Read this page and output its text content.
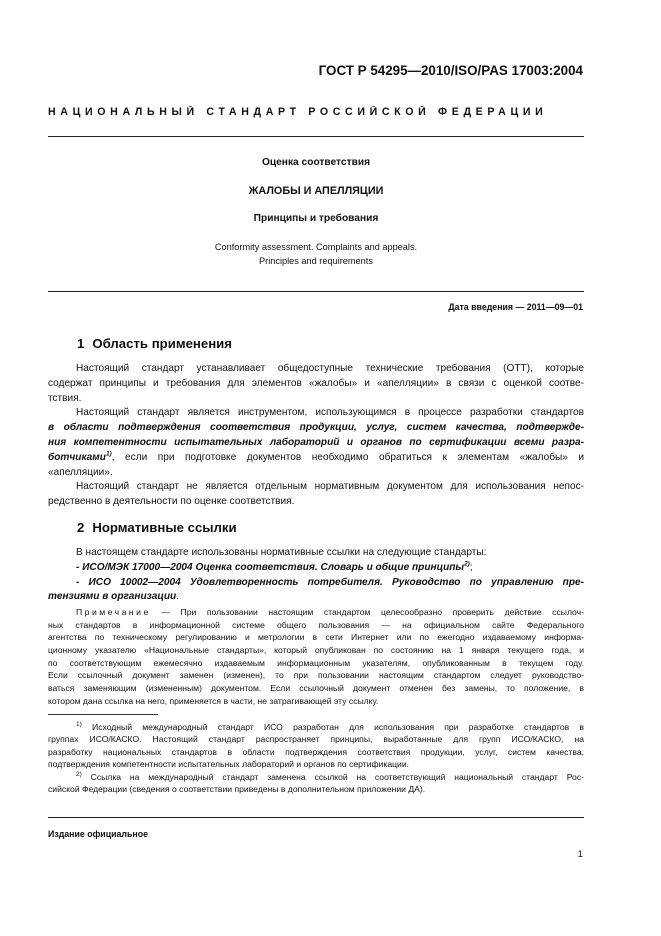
ГОСТ Р 54295—2010/ISO/PAS 17003:2004
НАЦИОНАЛЬНЫЙ СТАНДАРТ РОССИЙСКОЙ ФЕДЕРАЦИИ
Оценка соответствия
ЖАЛОБЫ И АПЕЛЛЯЦИИ
Принципы и требования
Conformity assessment. Complaints and appeals.
Principles and requirements
Дата введения — 2011—09—01
1 Область применения
Настоящий стандарт устанавливает общедоступные технические требования (ОТТ), которые
содержат принципы и требования для элементов «жалобы» и «апелляции» в связи с оценкой соотве-
тствия.
Настоящий стандарт является инструментом, использующимся в процессе разработки стандартов
в области подтверждения соответствия продукции, услуг, систем качества, подтвержде-
ния компетентности испытательных лабораторий и органов по сертификации всеми разра-
ботчиками$^{1)}$, если при подготовке документов необходимо обратиться к элементам «жалобы» и
«апелляции».
Настоящий стандарт не является отдельным нормативным документом для использования непос-
редственно в деятельности по оценке соответствия.
2 Нормативные ссылки
В настоящем стандарте использованы нормативные ссылки на следующие стандарты:
- ИСО/МЭК 17000—2004 Оценка соответствия. Словарь и общие принципы$^{2)}$;
- ИСО 10002—2004 Удовлетворенность потребителя. Руководство по управлению пре-
тензиями в организации.
Примечание — При пользовании настоящим стандартом целесообразно проверить действие ссылоч-
ных стандартов в информационной системе общего пользования — на официальном сайте Федерального
агентства по техническому регулированию и метрологии в сети Интернет или по ежегодно издаваемому информа-
ционному указателю «Национальные стандарты», который опубликован по состоянию на 1 января текущего года, и
по соответствующим ежемесячно издаваемым информационным указателям, опубликованным в текущем году.
Если ссылочный документ заменен (изменен), то при пользовании настоящим стандартом следует руководство-
ваться заменяющим (измененным) документом. Если ссылочный документ отменен без замены, то положение, в
котором дана ссылка на него, применяется в части, не затрагивающей эту ссылку.
$^{1)}$ Исходный международный стандарт ИСО разработан для использования при разработке стандартов в
группах ИСО/КАСКО. Настоящий стандарт распространяет принципы, выработанные для групп ИСО/КАСКО, на
разработку национальных стандартов в области подтверждения соответствия продукции, услуг, систем качества,
подтверждения компетентности испытательных лабораторий и органов по сертификации.
$^{2)}$ Ссылка на международный стандарт заменена ссылкой на соответствующий национальный стандарт Рос-
сийской Федерации (сведения о соответствии приведены в дополнительном приложении ДА).
Издание официальное
1
